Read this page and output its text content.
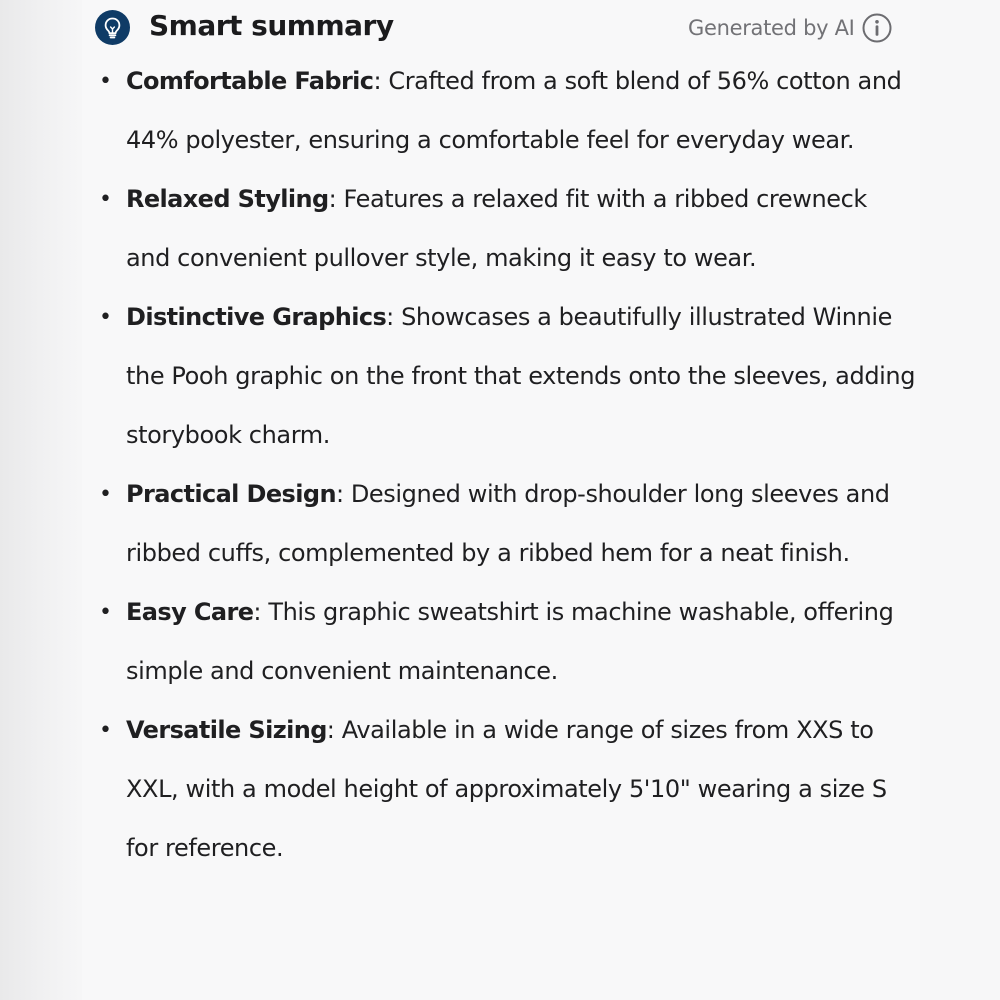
Smart summary	Generated by AI
• Comfortable Fabric: Crafted from a soft blend of 56% cotton and 44% polyester, ensuring a comfortable feel for everyday wear.
• Relaxed Styling: Features a relaxed fit with a ribbed crewneck and convenient pullover style, making it easy to wear.
• Distinctive Graphics: Showcases a beautifully illustrated Winnie the Pooh graphic on the front that extends onto the sleeves, adding storybook charm.
• Practical Design: Designed with drop-shoulder long sleeves and ribbed cuffs, complemented by a ribbed hem for a neat finish.
• Easy Care: This graphic sweatshirt is machine washable, offering simple and convenient maintenance.
• Versatile Sizing: Available in a wide range of sizes from XXS to XXL, with a model height of approximately 5'10" wearing a size S for reference.
